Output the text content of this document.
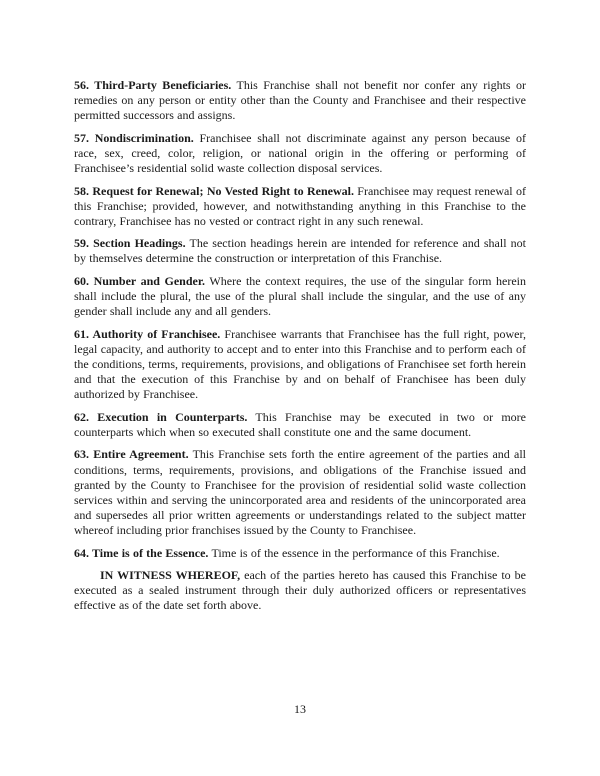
56. Third-Party Beneficiaries. This Franchise shall not benefit nor confer any rights or remedies on any person or entity other than the County and Franchisee and their respective permitted successors and assigns.

57. Nondiscrimination. Franchisee shall not discriminate against any person because of race, sex, creed, color, religion, or national origin in the offering or performing of Franchisee’s residential solid waste collection disposal services.

58. Request for Renewal; No Vested Right to Renewal. Franchisee may request renewal of this Franchise; provided, however, and notwithstanding anything in this Franchise to the contrary, Franchisee has no vested or contract right in any such renewal.

59. Section Headings. The section headings herein are intended for reference and shall not by themselves determine the construction or interpretation of this Franchise.

60. Number and Gender. Where the context requires, the use of the singular form herein shall include the plural, the use of the plural shall include the singular, and the use of any gender shall include any and all genders.

61. Authority of Franchisee. Franchisee warrants that Franchisee has the full right, power, legal capacity, and authority to accept and to enter into this Franchise and to perform each of the conditions, terms, requirements, provisions, and obligations of Franchisee set forth herein and that the execution of this Franchise by and on behalf of Franchisee has been duly authorized by Franchisee.

62. Execution in Counterparts. This Franchise may be executed in two or more counterparts which when so executed shall constitute one and the same document.

63. Entire Agreement. This Franchise sets forth the entire agreement of the parties and all conditions, terms, requirements, provisions, and obligations of the Franchise issued and granted by the County to Franchisee for the provision of residential solid waste collection services within and serving the unincorporated area and residents of the unincorporated area and supersedes all prior written agreements or understandings related to the subject matter whereof including prior franchises issued by the County to Franchisee.

64. Time is of the Essence. Time is of the essence in the performance of this Franchise.

IN WITNESS WHEREOF, each of the parties hereto has caused this Franchise to be executed as a sealed instrument through their duly authorized officers or representatives effective as of the date set forth above.

13
